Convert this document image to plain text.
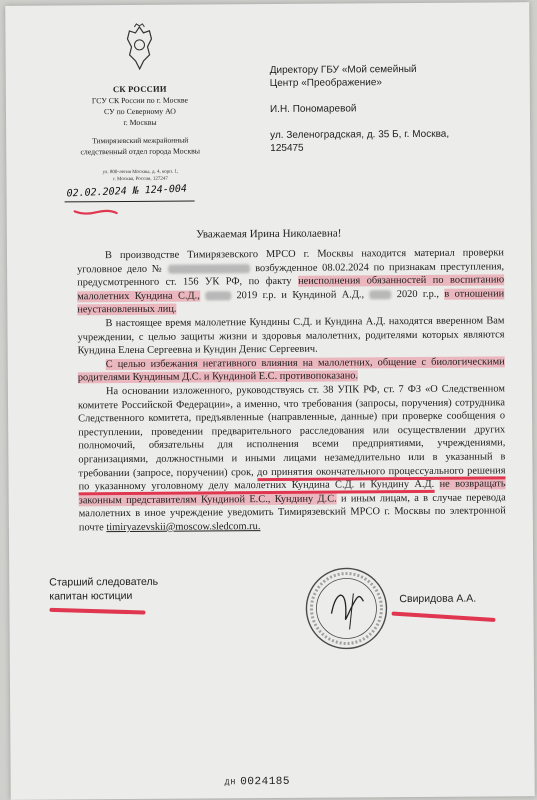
СК РОССИИ
ГСУ СК России по г. Москве
СУ по Северному АО
г. Москвы
Тимирязевский межрайонный
следственный отдел города Москвы
ул. 800-летия Москвы, д. 4, корп. 1,
г. Москва, Россия, 127247
02.02.2024 № 124-004

Директору ГБУ «Мой семейный

Центр «Преображение»

И.Н. Пономаревой

ул. Зеленоградская, д. 35 Б, г. Москва,

125475

Уважаемая Ирина Николаевна!

В производстве Тимирязевского МРСО г. Москвы находится материал проверки уголовное дело №	возбужденное 08.02.2024 по признакам преступления, предусмотренного ст. 156 УК РФ, по факту неисполнения обязанностей по воспитанию малолетних Кундина С.Д.,	2019 г.р. и Кундиной А.Д.,	2020 г.р., в отношении неустановленных лиц.

В настоящее время малолетние Кундины С.Д. и Кундина А.Д. находятся вверенном Вам учреждении, с целью защиты жизни и здоровья малолетних, родителями которых являются Кундина Елена Сергеевна и Кундин Денис Сергеевич.

С целью избежания негативного влияния на малолетних, общение с биологическими родителями Кундиным Д.С. и Кундиной Е.С. противопоказано.

На основании изложенного, руководствуясь ст. 38 УПК РФ, ст. 7 ФЗ «О Следственном комитете Российской Федерации», а именно, что требования (запросы, поручения) сотрудника Следственного комитета, предъявленные (направленные, данные) при проверке сообщения о преступлении, проведении предварительного расследования или осуществлении других полномочий, обязательны для исполнения всеми предприятиями, учреждениями, организациями, должностными и иными лицами незамедлительно или в указанный в требовании (запросе, поручении) срок, до принятия окончательного процессуального решения по указанному уголовному делу малолетних Кундина С.Д. и Кундину А.Д. не возвращать законным представителям Кундиной Е.С., Кундину Д.С. и иным лицам, а в случае перевода малолетних в иное учреждение уведомить Тимирязевский МРСО г. Москвы по электронной почте timiryazevskii@moscow.sledcom.ru.

Старший следователь
капитан юстиции	Свиридова А.А.
ДН 0024185
